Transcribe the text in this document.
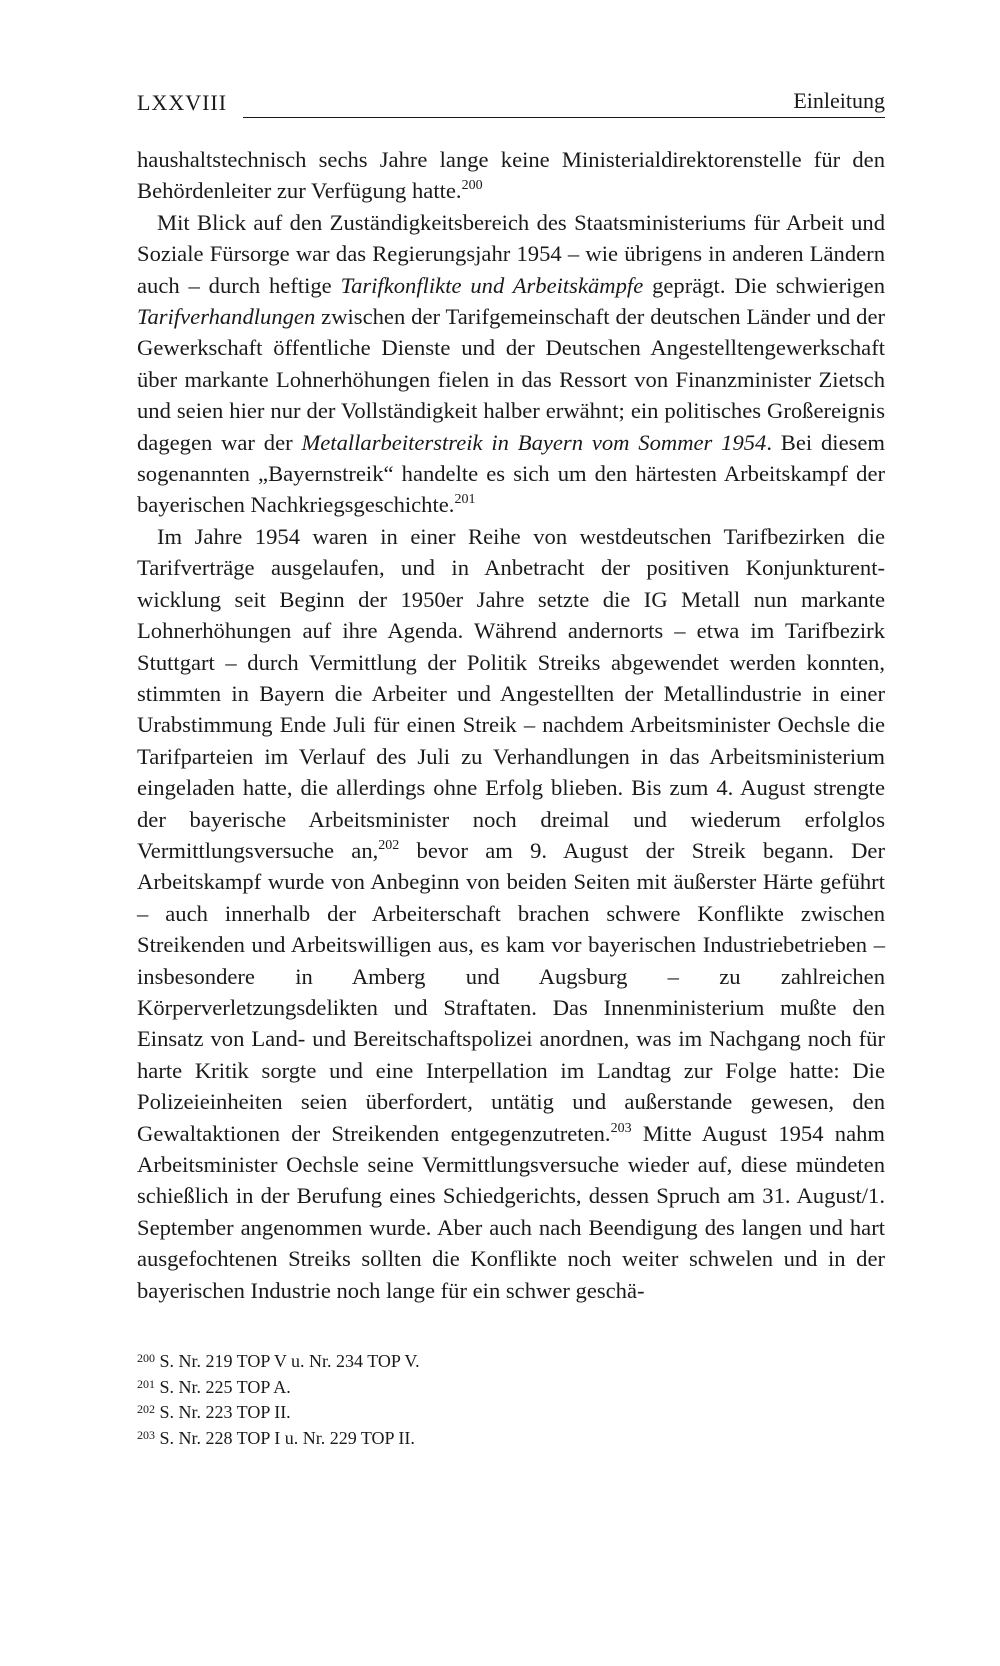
LXXVIII	Einleitung

haushaltstechnisch sechs Jahre lange keine Ministerialdirektorenstelle für den Behördenleiter zur Verfügung hatte.$^{200}$

Mit Blick auf den Zuständigkeitsbereich des Staatsministeriums für Arbeit und Soziale Fürsorge war das Regierungsjahr 1954 – wie übrigens in anderen Ländern auch – durch heftige Tarifkonflikte und Arbeitskämpfe geprägt. Die schwierigen Tarifverhandlungen zwischen der Tarifgemeinschaft der deutschen Länder und der Gewerkschaft öffentliche Dienste und der Deutschen Angestelltengewerkschaft über markante Lohnerhöhungen fielen in das Ressort von Finanzminister Zietsch und seien hier nur der Vollständigkeit halber erwähnt; ein politisches Großereignis dagegen war der Metallarbeiterstreik in Bayern vom Sommer 1954. Bei diesem sogenannten „Bayernstreik“ handelte es sich um den härtesten Arbeitskampf der bayerischen Nachkriegsgeschichte.$^{201}$

Im Jahre 1954 waren in einer Reihe von westdeutschen Tarifbezirken die Tarifverträge ausgelaufen, und in Anbetracht der positiven Konjunkturentwicklung seit Beginn der 1950er Jahre setzte die IG Metall nun markante Lohnerhöhungen auf ihre Agenda. Während andernorts – etwa im Tarifbezirk Stuttgart – durch Vermittlung der Politik Streiks abgewendet werden konnten, stimmten in Bayern die Arbeiter und Angestellten der Metallindustrie in einer Urabstimmung Ende Juli für einen Streik – nachdem Arbeitsminister Oechsle die Tarifparteien im Verlauf des Juli zu Verhandlungen in das Arbeitsministerium eingeladen hatte, die allerdings ohne Erfolg blieben. Bis zum 4. August strengte der bayerische Arbeitsminister noch dreimal und wiederum erfolglos Vermittlungsversuche an,$^{202}$ bevor am 9. August der Streik begann. Der Arbeitskampf wurde von Anbeginn von beiden Seiten mit äußerster Härte geführt – auch innerhalb der Arbeiterschaft brachen schwere Konflikte zwischen Streikenden und Arbeitswilligen aus, es kam vor bayerischen Industriebetrieben – insbesondere in Amberg und Augsburg – zu zahlreichen Körperverletzungsdelikten und Straftaten. Das Innenministerium mußte den Einsatz von Land- und Bereitschaftspolizei anordnen, was im Nachgang noch für harte Kritik sorgte und eine Interpellation im Landtag zur Folge hatte: Die Polizeieinheiten seien überfordert, untätig und außerstande gewesen, den Gewaltaktionen der Streikenden entgegenzutreten.$^{203}$ Mitte August 1954 nahm Arbeitsminister Oechsle seine Vermittlungsversuche wieder auf, diese mündeten schießlich in der Berufung eines Schiedgerichts, dessen Spruch am 31. August/1. September angenommen wurde. Aber auch nach Beendigung des langen und hart ausgefochtenen Streiks sollten die Konflikte noch weiter schwelen und in der bayerischen Industrie noch lange für ein schwer geschä-

$^{200}$ S. Nr. 219 TOP V u. Nr. 234 TOP V.
$^{201}$ S. Nr. 225 TOP A.
$^{202}$ S. Nr. 223 TOP II.
$^{203}$ S. Nr. 228 TOP I u. Nr. 229 TOP II.
